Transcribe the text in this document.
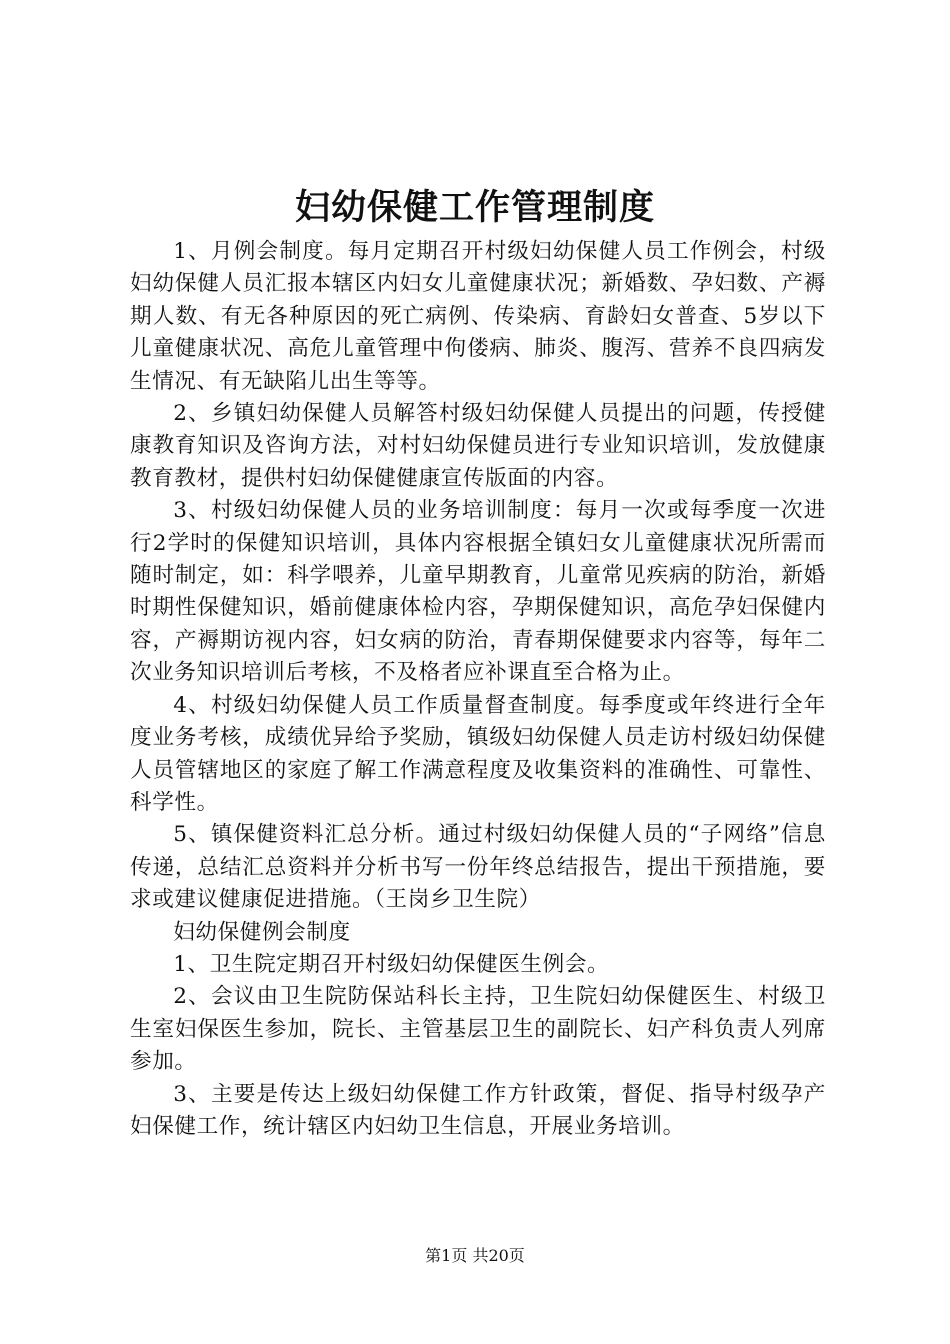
妇幼保健工作管理制度

1、月例会制度。每月定期召开村级妇幼保健人员工作例会，村级妇幼保健人员汇报本辖区内妇女儿童健康状况；新婚数、孕妇数、产褥期人数、有无各种原因的死亡病例、传染病、育龄妇女普查、5岁以下儿童健康状况、高危儿童管理中佝偻病、肺炎、腹泻、营养不良四病发生情况、有无缺陷儿出生等等。

2、乡镇妇幼保健人员解答村级妇幼保健人员提出的问题，传授健康教育知识及咨询方法，对村妇幼保健员进行专业知识培训，发放健康教育教材，提供村妇幼保健健康宣传版面的内容。

3、村级妇幼保健人员的业务培训制度：每月一次或每季度一次进行2学时的保健知识培训，具体内容根据全镇妇女儿童健康状况所需而随时制定，如：科学喂养，儿童早期教育，儿童常见疾病的防治，新婚时期性保健知识，婚前健康体检内容，孕期保健知识，高危孕妇保健内容，产褥期访视内容，妇女病的防治，青春期保健要求内容等，每年二次业务知识培训后考核，不及格者应补课直至合格为止。

4、村级妇幼保健人员工作质量督查制度。每季度或年终进行全年度业务考核，成绩优异给予奖励，镇级妇幼保健人员走访村级妇幼保健人员管辖地区的家庭了解工作满意程度及收集资料的准确性、可靠性、科学性。

5、镇保健资料汇总分析。通过村级妇幼保健人员的“子网络”信息传递，总结汇总资料并分析书写一份年终总结报告，提出干预措施，要求或建议健康促进措施。（王岗乡卫生院）

妇幼保健例会制度

1、卫生院定期召开村级妇幼保健医生例会。

2、会议由卫生院防保站科长主持，卫生院妇幼保健医生、村级卫生室妇保医生参加，院长、主管基层卫生的副院长、妇产科负责人列席参加。

3、主要是传达上级妇幼保健工作方针政策，督促、指导村级孕产妇保健工作，统计辖区内妇幼卫生信息，开展业务培训。

第1页 共20页
